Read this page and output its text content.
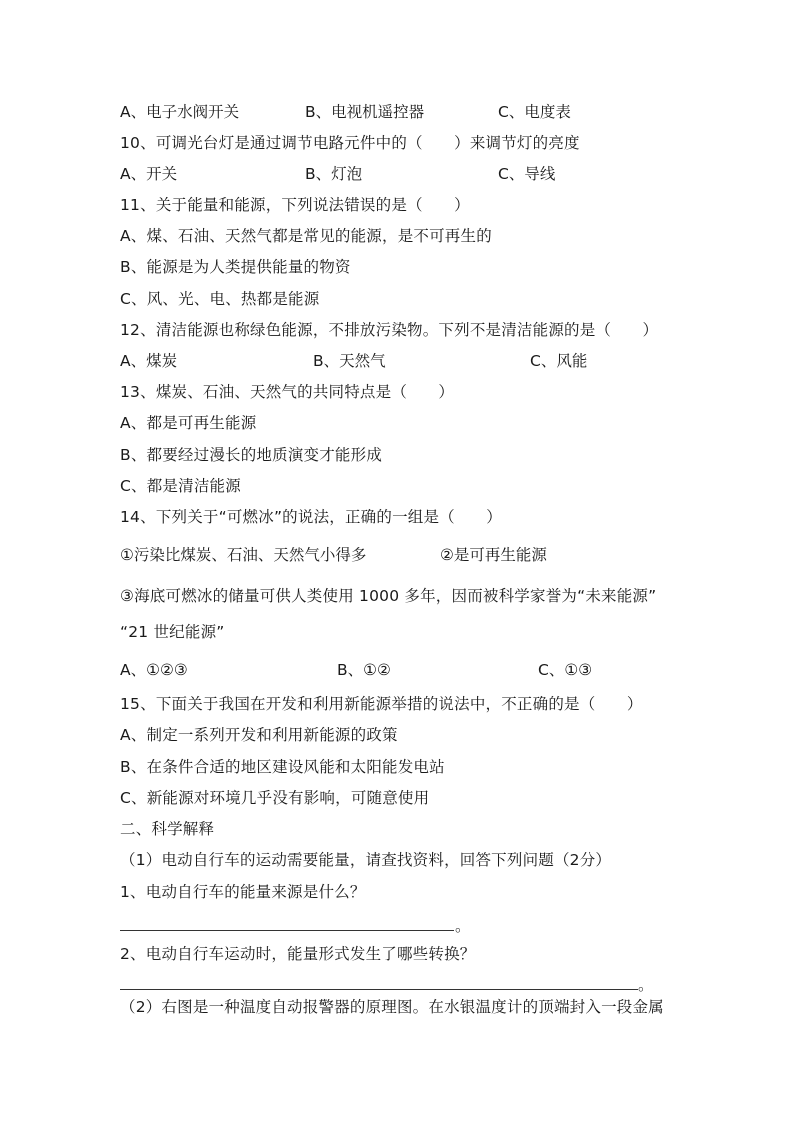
A、电子水阀开关	B、电视机遥控器	C、电度表
10、可调光台灯是通过调节电路元件中的（　　）来调节灯的亮度
A、开关	B、灯泡	C、导线
11、关于能量和能源，下列说法错误的是（　　）
A、煤、石油、天然气都是常见的能源，是不可再生的
B、能源是为人类提供能量的物资
C、风、光、电、热都是能源
12、清洁能源也称绿色能源，不排放污染物。下列不是清洁能源的是（　　）
A、煤炭	B、天然气	C、风能
13、煤炭、石油、天然气的共同特点是（　　）
A、都是可再生能源
B、都要经过漫长的地质演变才能形成
C、都是清洁能源
14、下列关于“可燃冰”的说法，正确的一组是（　　）
①污染比煤炭、石油、天然气小得多	②是可再生能源
③海底可燃冰的储量可供人类使用 1000 多年，因而被科学家誉为“未来能源”
“21 世纪能源”
A、①②③	B、①②	C、①③
15、下面关于我国在开发和利用新能源举措的说法中，不正确的是（　　）
A、制定一系列开发和利用新能源的政策
B、在条件合适的地区建设风能和太阳能发电站
C、新能源对环境几乎没有影响，可随意使用
二、科学解释
（1）电动自行车的运动需要能量，请查找资料，回答下列问题（2分）
1、电动自行车的能量来源是什么？
。
2、电动自行车运动时，能量形式发生了哪些转换？
。
（2）右图是一种温度自动报警器的原理图。在水银温度计的顶端封入一段金属
